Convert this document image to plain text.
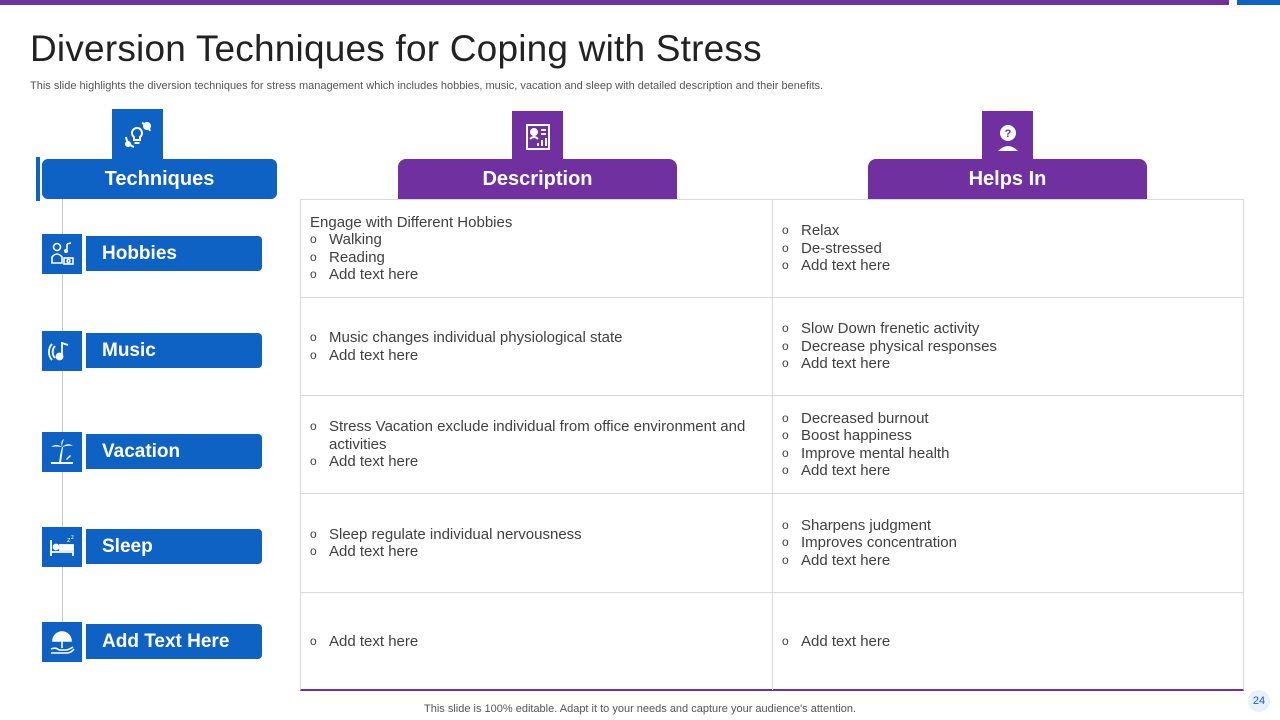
Diversion Techniques for Coping with Stress
This slide highlights the diversion techniques for stress management which includes hobbies, music, vacation and sleep with detailed description and their benefits.
?
Techniques	Description	Helps In
Hobbies
Music
Vacation
z z	Sleep
Add Text Here
Engage with Different Hobbies
o Walking
o Reading
o Add text here
o Relax
o De-stressed
o Add text here
o Music changes individual physiological state
o Add text here
o Slow Down frenetic activity
o Decrease physical responses
o Add text here
o Stress Vacation exclude individual from office environment and activities
o Add text here
o Decreased burnout
o Boost happiness
o Improve mental health
o Add text here
o Sleep regulate individual nervousness
o Add text here
o Sharpens judgment
o Improves concentration
o Add text here
o Add text here
o	Add text here
This slide is 100% editable. Adapt it to your needs and capture your audience's attention.
24
